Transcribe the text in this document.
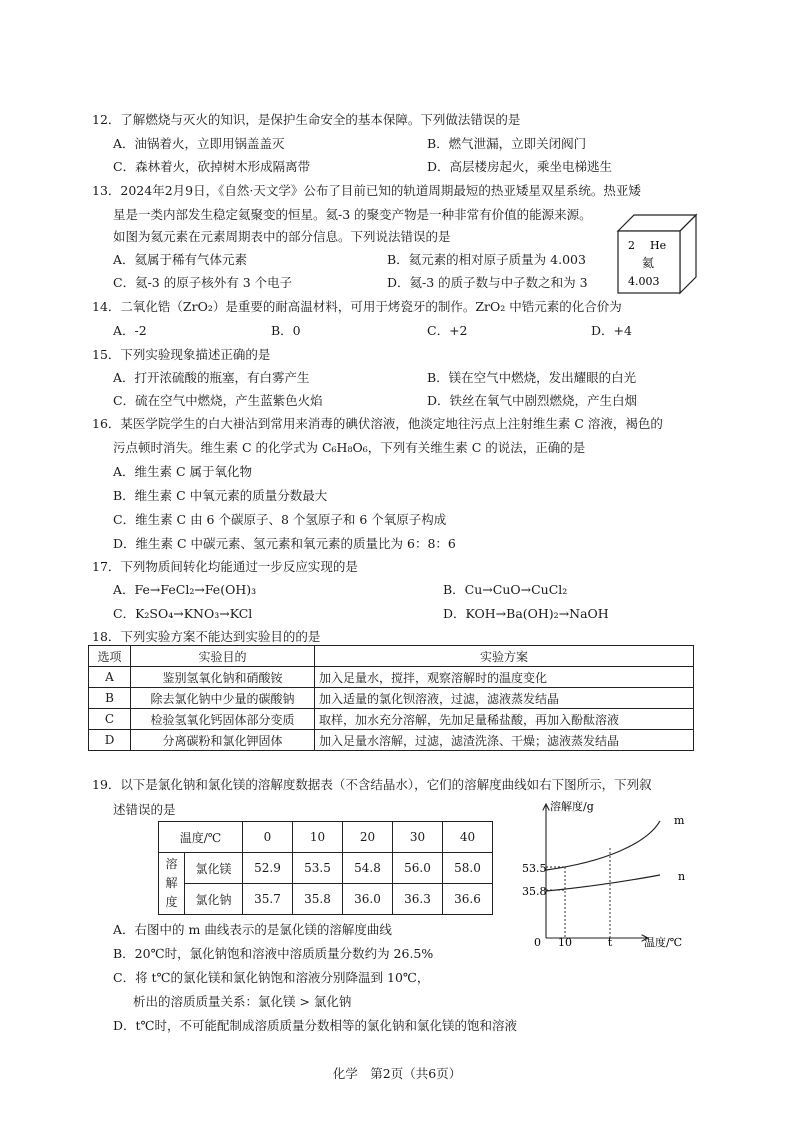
12．了解燃烧与灭火的知识，是保护生命安全的基本保障。下列做法错误的是
A．油锅着火，立即用锅盖盖灭	B．燃气泄漏，立即关闭阀门
C．森林着火，砍掉树木形成隔离带	D．高层楼房起火，乘坐电梯逃生
13．2024年2月9日，《自然·天文学》公布了目前已知的轨道周期最短的热亚矮星双星系统。热亚矮
星是一类内部发生稳定氦聚变的恒星。氦-3 的聚变产物是一种非常有价值的能源来源。
如图为氦元素在元素周期表中的部分信息。下列说法错误的是
A．氦属于稀有气体元素	B．氦元素的相对原子质量为 4.003
C．氦-3 的原子核外有 3 个电子	D．氦-3 的质子数与中子数之和为 3
2 He
氦
4.003
14．二氧化锆（ZrO₂）是重要的耐高温材料，可用于烤瓷牙的制作。ZrO₂ 中锆元素的化合价为
A．-2	B．0	C．+2	D．+4
15．下列实验现象描述正确的是
A．打开浓硫酸的瓶塞，有白雾产生	B．镁在空气中燃烧，发出耀眼的白光
C．硫在空气中燃烧，产生蓝紫色火焰	D．铁丝在氧气中剧烈燃烧，产生白烟
16．某医学院学生的白大褂沾到常用来消毒的碘伏溶液，他淡定地往污点上注射维生素 C 溶液，褐色的
污点顿时消失。维生素 C 的化学式为 C₆H₈O₆，下列有关维生素 C 的说法，正确的是
A．维生素 C 属于氧化物
B．维生素 C 中氧元素的质量分数最大
C．维生素 C 由 6 个碳原子、8 个氢原子和 6 个氧原子构成
D．维生素 C 中碳元素、氢元素和氧元素的质量比为 6：8：6
17．下列物质间转化均能通过一步反应实现的是
A．Fe→FeCl₂→Fe(OH)₃	B．Cu→CuO→CuCl₂
C．K₂SO₄→KNO₃→KCl	D．KOH→Ba(OH)₂→NaOH
18．下列实验方案不能达到实验目的的是
选项	实验目的	实验方案
A	鉴别氢氧化钠和硝酸铵	加入足量水，搅拌，观察溶解时的温度变化
B	除去氯化钠中少量的碳酸钠	加入适量的氯化钡溶液，过滤，滤液蒸发结晶
C	检验氢氧化钙固体部分变质	取样，加水充分溶解，先加足量稀盐酸，再加入酚酞溶液
D	分离碳粉和氯化钾固体	加入足量水溶解，过滤，滤渣洗涤、干燥；滤液蒸发结晶
19．以下是氯化钠和氯化镁的溶解度数据表（不含结晶水），它们的溶解度曲线如右下图所示，下列叙
述错误的是
温度/℃		0	10	20	30	40
溶
解
度	氯化镁	52.9	53.5	54.8	56.0	58.0
	氯化钠	35.7	35.8	36.0	36.3	36.6
溶解度/g
温度/℃
0 10	t
53.5
35.8
m
n
A．右图中的 m 曲线表示的是氯化镁的溶解度曲线
B．20℃时，氯化钠饱和溶液中溶质质量分数约为 26.5%
C．将 t℃的氯化镁和氯化钠饱和溶液分别降温到 10℃，
析出的溶质质量关系：氯化镁 > 氯化钠
D．t℃时，不可能配制成溶质质量分数相等的氯化钠和氯化镁的饱和溶液
化学　第2页（共6页）
